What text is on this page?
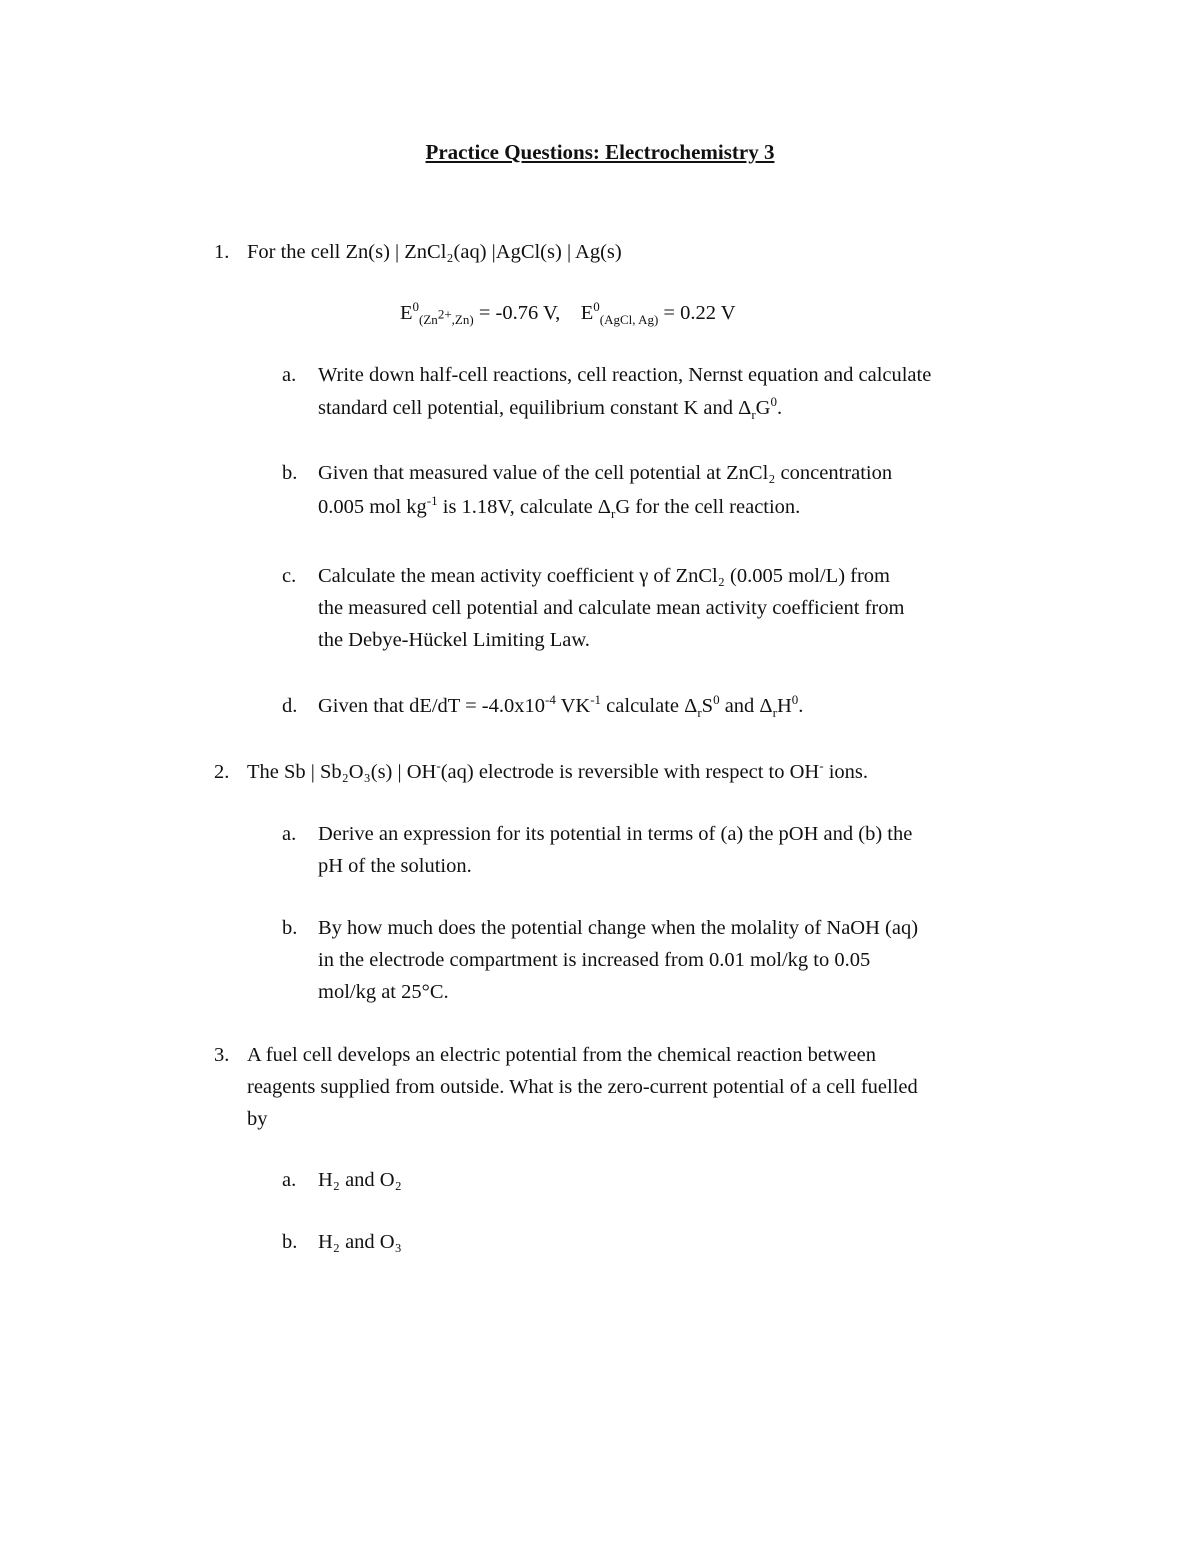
Practice Questions: Electrochemistry 3
1. For the cell Zn(s) | ZnCl₂(aq) |AgCl(s) | Ag(s)
$E^0_{(Zn^{2+},Zn)} = -0.76$ V, $E^0_{(AgCl, Ag)} = 0.22$ V
a. Write down half-cell reactions, cell reaction, Nernst equation and calculate
standard cell potential, equilibrium constant K and $\Delta_rG^0$.
b. Given that measured value of the cell potential at ZnCl₂ concentration
0.005 mol $kg^{-1}$ is 1.18V, calculate $\Delta_rG$ for the cell reaction.
c. Calculate the mean activity coefficient γ of ZnCl₂ (0.005 mol/L) from
the measured cell potential and calculate mean activity coefficient from
the Debye-Hückel Limiting Law.
d. Given that $dE/dT = -4.0x10^{-4}$ $VK^{-1}$ calculate $\Delta_rS^0$ and $\Delta_rH^0$.
2. The Sb | Sb₂O₃(s) | OH-(aq) electrode is reversible with respect to OH- ions.
a. Derive an expression for its potential in terms of (a) the pOH and (b) the
pH of the solution.
b. By how much does the potential change when the molality of NaOH (aq)
in the electrode compartment is increased from 0.01 mol/kg to 0.05
mol/kg at 25°C.
3. A fuel cell develops an electric potential from the chemical reaction between
reagents supplied from outside. What is the zero-current potential of a cell fuelled
by
a. H₂ and O₂
b. H₂ and O₃
